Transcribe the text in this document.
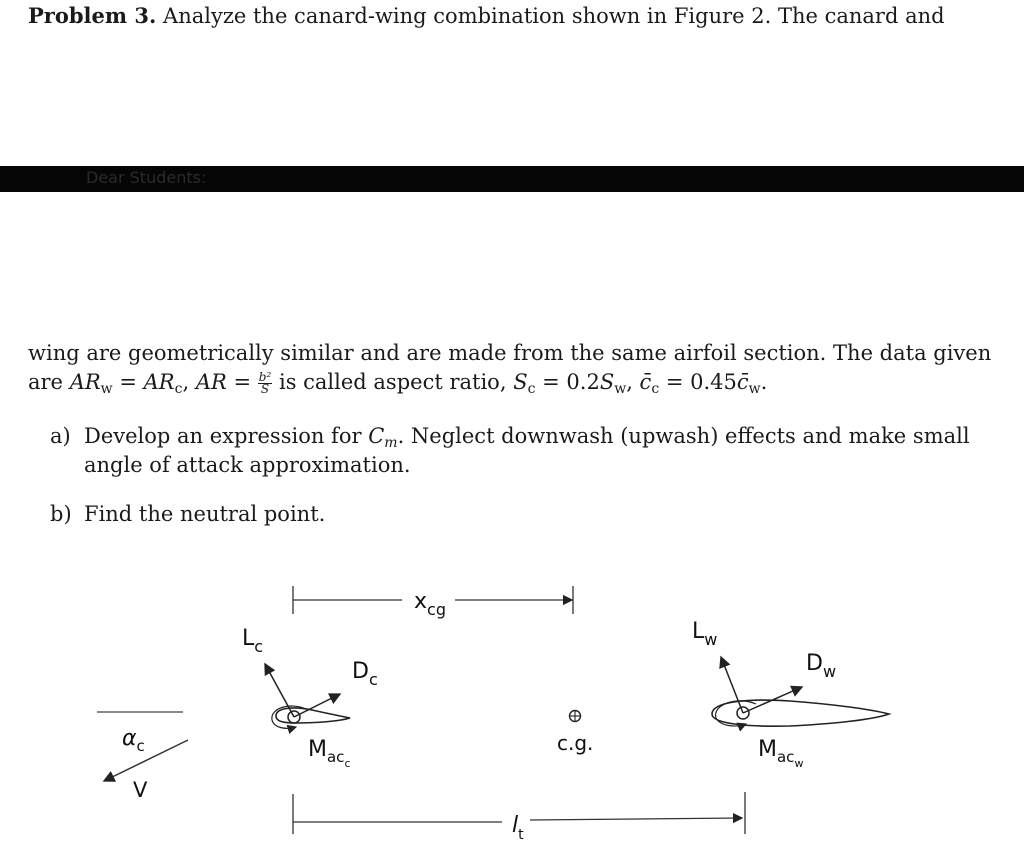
Problem 3. Analyze the canard-wing combination shown in Figure 2. The canard and
Dear Students:
wing are geometrically similar and are made from the same airfoil section. The data given
are $AR_w = AR_c$, AR = $\frac{\text{b²}}{S}$ is called aspect ratio, $S_c = 0.2S_w$, $c̄_c$ = $0.45c̄_w$.
a) Develop an expression for $C_m$. Neglect downwash (upwash) effects and make small
angle of attack approximation.
b) Find the neutral point.
$x_{cg}$
$\alpha_c$
V
$L_c$
$D_c$
$M_{acc}$
c.g.
$L_w$
$D_w$
$M_{acw}$
$l_t$
